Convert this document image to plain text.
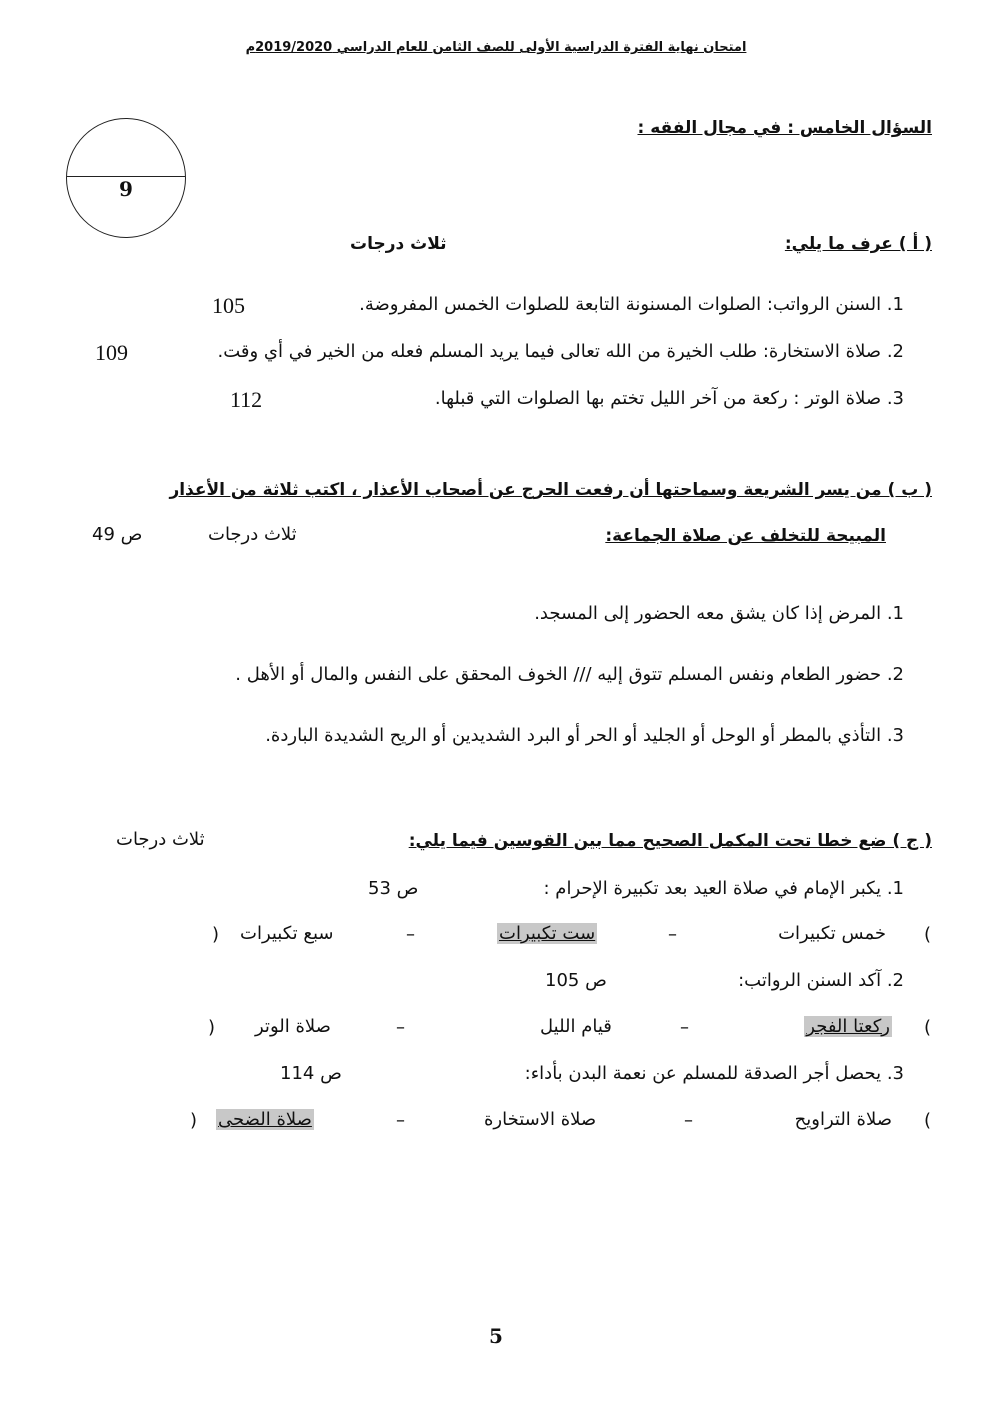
امتحان نهاية الفترة الدراسية الأولى للصف الثامن للعام الدراسي 2019/2020م
السؤال الخامس : في مجال الفقه :
9
( أ ) عرف ما يلي:
ثلاث درجات
1. السنن الرواتب: الصلوات المسنونة التابعة للصلوات الخمس المفروضة.
105
2. صلاة الاستخارة: طلب الخيرة من الله تعالى فيما يريد المسلم فعله من الخير في أي وقت.
109
3. صلاة الوتر : ركعة من آخر الليل تختم بها الصلوات التي قبلها.
112
( ب ) من يسر الشريعة وسماحتها أن رفعت الحرج عن أصحاب الأعذار ، اكتب ثلاثة من الأعذار
المبيحة للتخلف عن صلاة الجماعة:
ثلاث درجات
ص 49
1. المرض إذا كان يشق معه الحضور إلى المسجد.
2. حضور الطعام ونفس المسلم تتوق إليه /// الخوف المحقق على النفس والمال أو الأهل .
3. التأذي بالمطر أو الوحل أو الجليد أو الحر أو البرد الشديدين أو الريح الشديدة الباردة.
( ج ) ضع خطا تحت المكمل الصحيح مما بين القوسين فيما يلي:
ثلاث درجات
1. يكبر الإمام في صلاة العيد بعد تكبيرة الإحرام :
ص 53
(
خمس تكبيرات
–
ست تكبيرات
–
سبع تكبيرات
)
2. آكد السنن الرواتب:
ص 105
(
ركعتا الفجر
–
قيام الليل
–
صلاة الوتر
)
3. يحصل أجر الصدقة للمسلم عن نعمة البدن بأداء:
ص 114
(
صلاة التراويح
–
صلاة الاستخارة
–
صلاة الضحى
)
5
